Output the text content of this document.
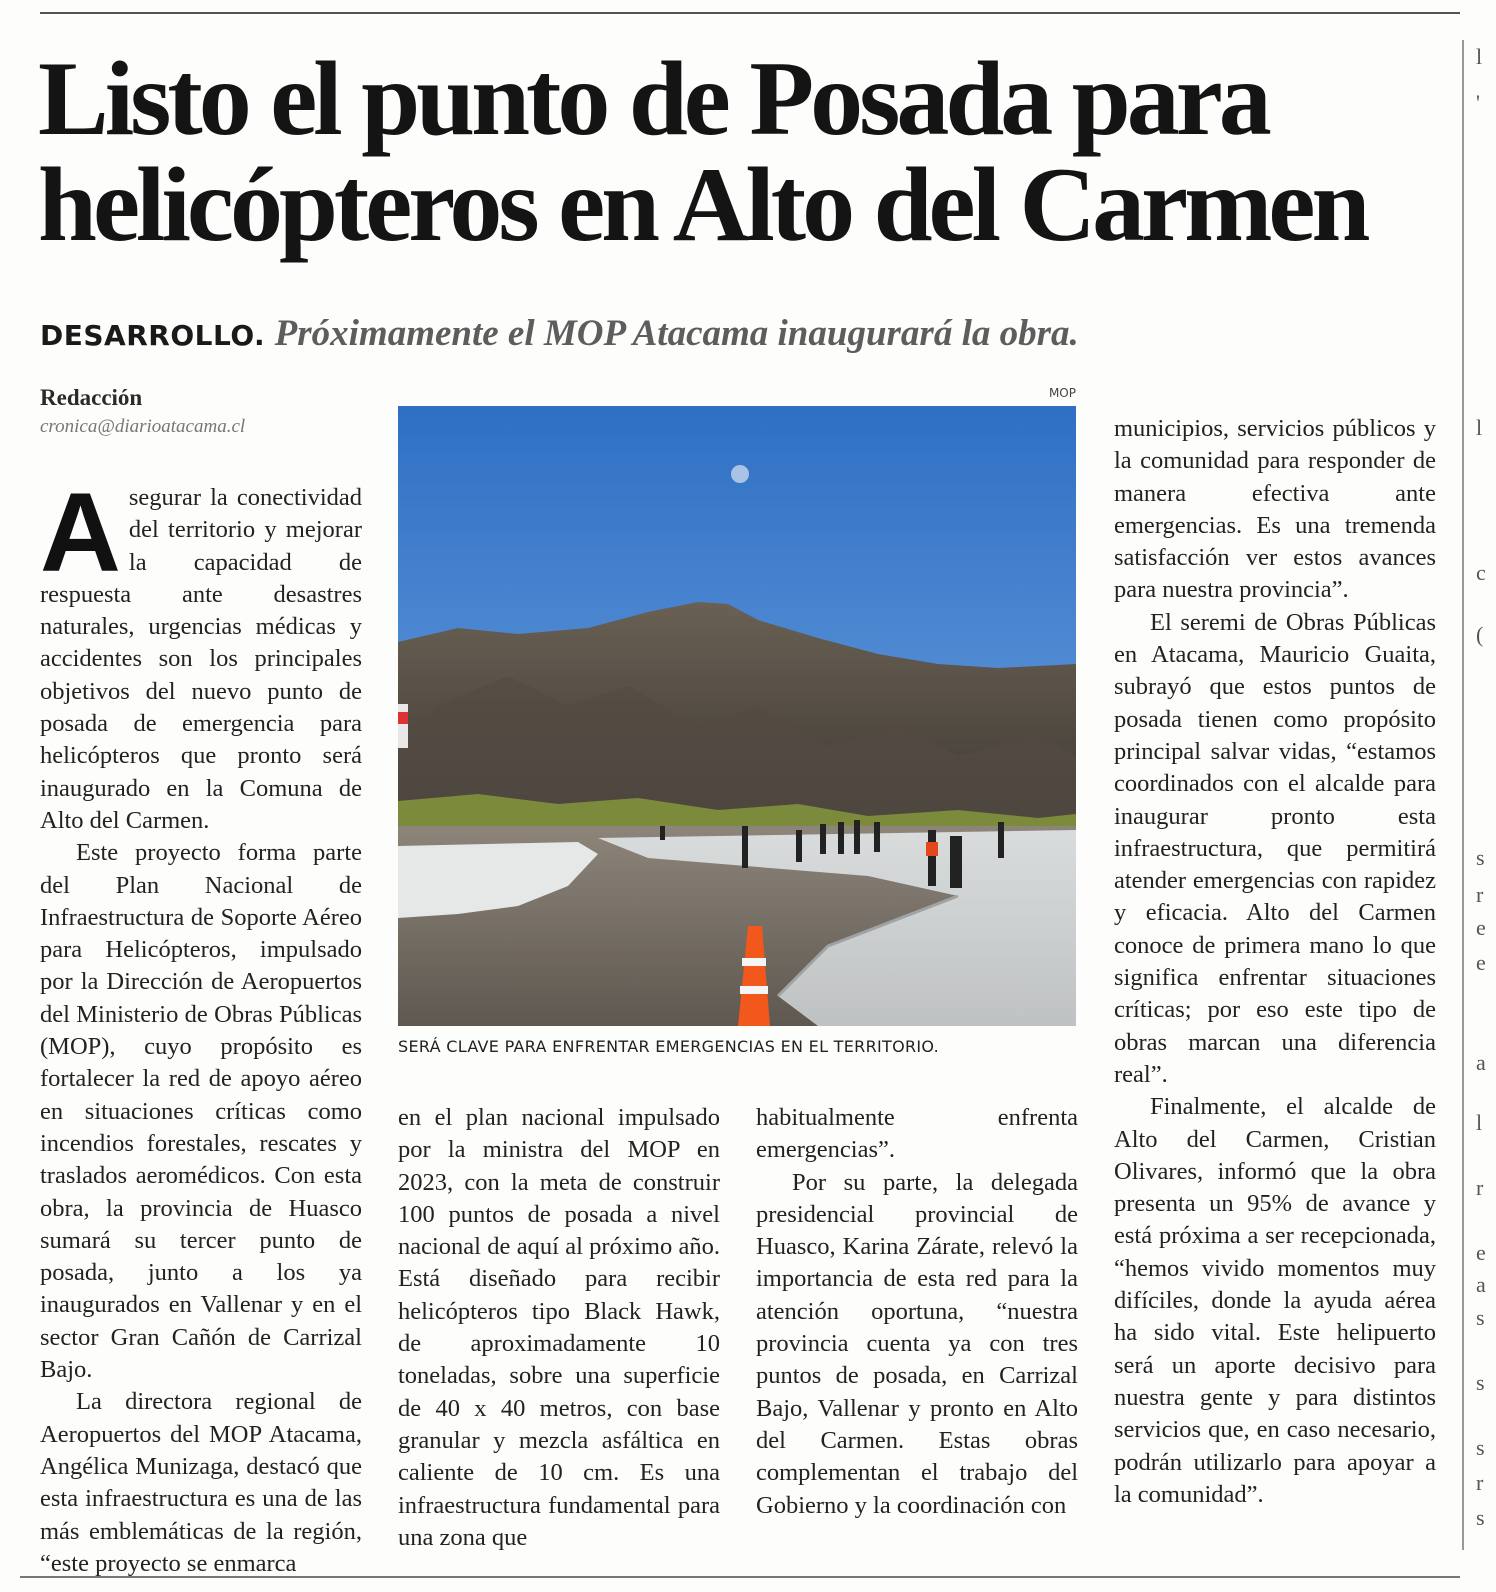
l
'
l
c
(
s
r
e
e
a
l
r
e
a
s
s
s
r
s
Listo el punto de Posada para
helicópteros en Alto del Carmen
DESARROLLO. Próximamente el MOP Atacama inaugurará la obra.
Redacción
cronica@diarioatacama.cl

Asegurar la conectividad del territorio y mejorar la capacidad de respuesta ante desastres naturales, urgencias médicas y accidentes son los principales objetivos del nuevo punto de posada de emergencia para helicópteros que pronto será inaugurado en la Comuna de Alto del Carmen.

Este proyecto forma parte del Plan Nacional de Infraestructura de Soporte Aéreo para Helicópteros, impulsado por la Dirección de Aeropuertos del Ministerio de Obras Públicas (MOP), cuyo propósito es fortalecer la red de apoyo aéreo en situaciones críticas como incendios forestales, rescates y traslados aeromédicos. Con esta obra, la provincia de Huasco sumará su tercer punto de posada, junto a los ya inaugurados en Vallenar y en el sector Gran Cañón de Carrizal Bajo.

La directora regional de Aeropuertos del MOP Atacama, Angélica Munizaga, destacó que esta infraestructura es una de las más emblemáticas de la región, “este proyecto se enmarca

MOP
SERÁ CLAVE PARA ENFRENTAR EMERGENCIAS EN EL TERRITORIO.

en el plan nacional impulsado por la ministra del MOP en 2023, con la meta de construir 100 puntos de posada a nivel nacional de aquí al próximo año. Está diseñado para recibir helicópteros tipo Black Hawk, de aproximadamente 10 toneladas, sobre una superficie de 40 x 40 metros, con base granular y mezcla asfáltica en caliente de 10 cm. Es una infraestructura fundamental para una zona que

habitualmente enfrenta emergencias”.

Por su parte, la delegada presidencial provincial de Huasco, Karina Zárate, relevó la importancia de esta red para la atención oportuna, “nuestra provincia cuenta ya con tres puntos de posada, en Carrizal Bajo, Vallenar y pronto en Alto del Carmen. Estas obras complementan el trabajo del Gobierno y la coordinación con

municipios, servicios públicos y la comunidad para responder de manera efectiva ante emergencias. Es una tremenda satisfacción ver estos avances para nuestra provincia”.

El seremi de Obras Públicas en Atacama, Mauricio Guaita, subrayó que estos puntos de posada tienen como propósito principal salvar vidas, “estamos coordinados con el alcalde para inaugurar pronto esta infraestructura, que permitirá atender emergencias con rapidez y eficacia. Alto del Carmen conoce de primera mano lo que significa enfrentar situaciones críticas; por eso este tipo de obras marcan una diferencia real”.

Finalmente, el alcalde de Alto del Carmen, Cristian Olivares, informó que la obra presenta un 95% de avance y está próxima a ser recepcionada, “hemos vivido momentos muy difíciles, donde la ayuda aérea ha sido vital. Este helipuerto será un aporte decisivo para nuestra gente y para distintos servicios que, en caso necesario, podrán utilizarlo para apoyar a la comunidad”.
